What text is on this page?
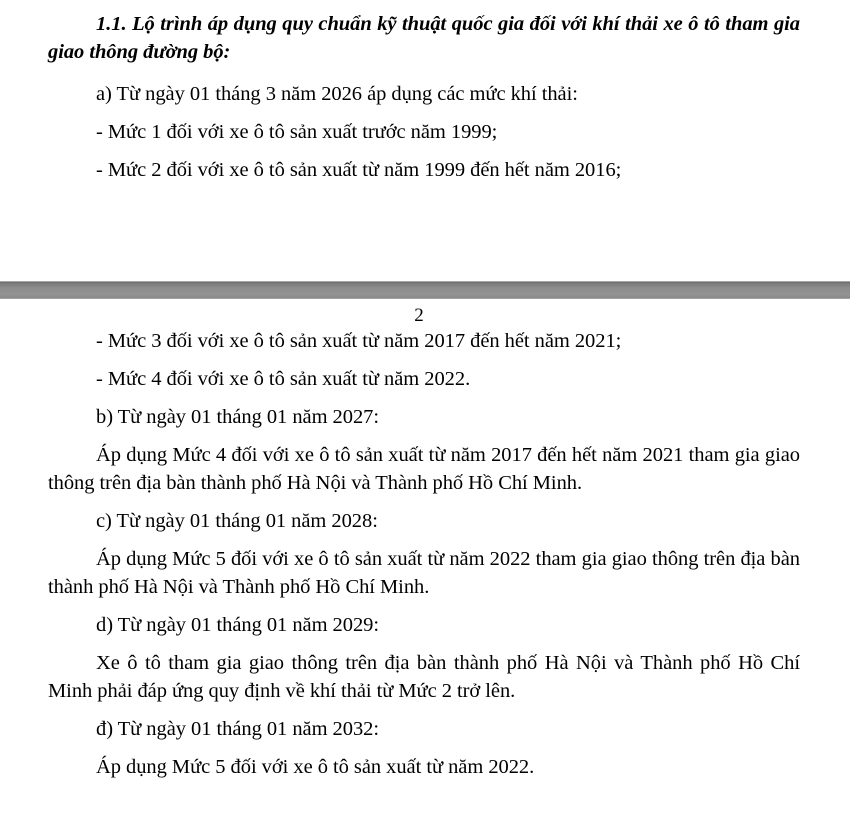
1.1. Lộ trình áp dụng quy chuẩn kỹ thuật quốc gia đối với khí thải xe ô tô tham gia giao thông đường bộ:

a) Từ ngày 01 tháng 3 năm 2026 áp dụng các mức khí thải:

- Mức 1 đối với xe ô tô sản xuất trước năm 1999;

- Mức 2 đối với xe ô tô sản xuất từ năm 1999 đến hết năm 2016;

2

- Mức 3 đối với xe ô tô sản xuất từ năm 2017 đến hết năm 2021;

- Mức 4 đối với xe ô tô sản xuất từ năm 2022.

b) Từ ngày 01 tháng 01 năm 2027:

Áp dụng Mức 4 đối với xe ô tô sản xuất từ năm 2017 đến hết năm 2021 tham gia giao thông trên địa bàn thành phố Hà Nội và Thành phố Hồ Chí Minh.

c) Từ ngày 01 tháng 01 năm 2028:

Áp dụng Mức 5 đối với xe ô tô sản xuất từ năm 2022 tham gia giao thông trên địa bàn thành phố Hà Nội và Thành phố Hồ Chí Minh.

d) Từ ngày 01 tháng 01 năm 2029:

Xe ô tô tham gia giao thông trên địa bàn thành phố Hà Nội và Thành phố Hồ Chí Minh phải đáp ứng quy định về khí thải từ Mức 2 trở lên.

đ) Từ ngày 01 tháng 01 năm 2032:

Áp dụng Mức 5 đối với xe ô tô sản xuất từ năm 2022.
